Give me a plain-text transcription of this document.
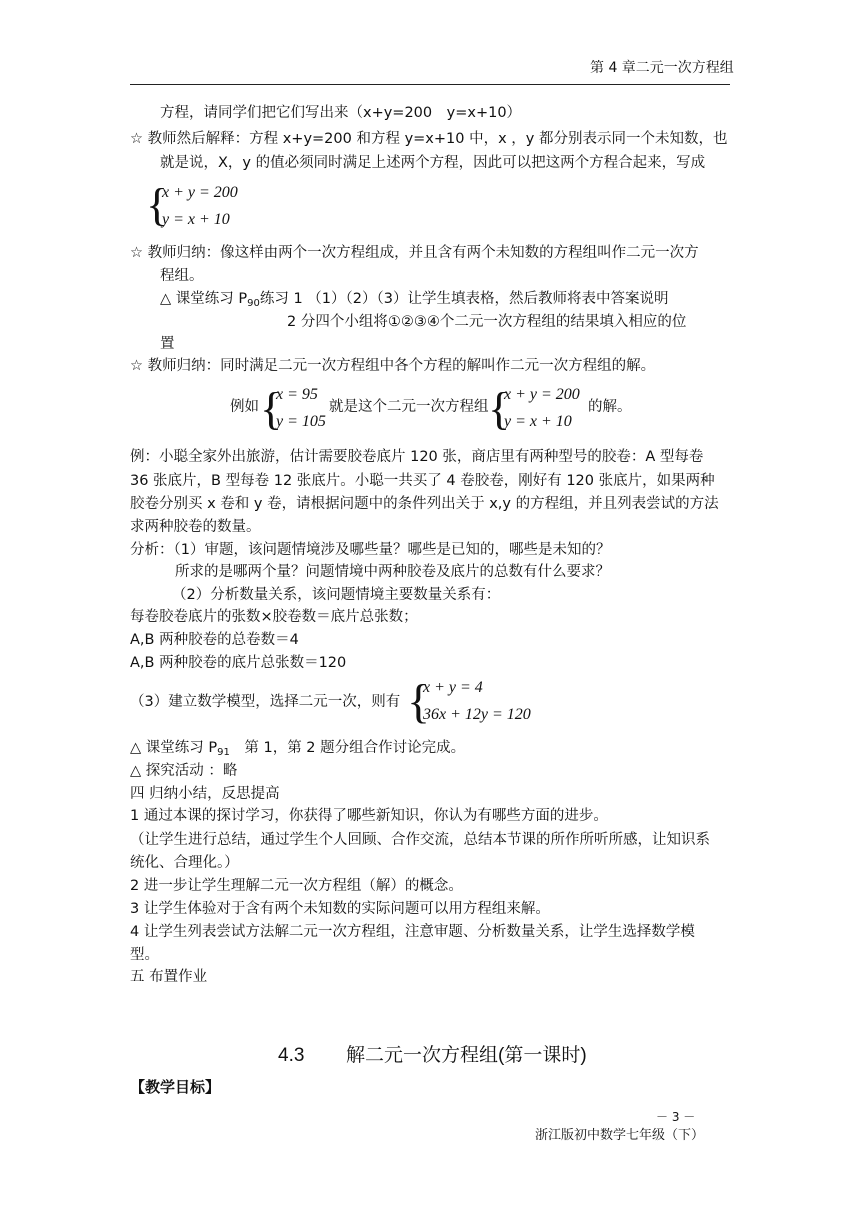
第 4 章二元一次方程组
方程，请同学们把它们写出来（x+y=200　y=x+10）
☆ 教师然后解释：方程 x+y=200 和方程 y=x+10 中，x ，y 都分别表示同一个未知数，也
就是说，X，y 的值必须同时满足上述两个方程，因此可以把这两个方程合起来，写成
{
x + y = 200
y = x + 10
☆ 教师归纳：像这样由两个一次方程组成，并且含有两个未知数的方程组叫作二元一次方
程组。
△ 课堂练习 $P_{90}$练习 1 （1）（2）（3）让学生填表格，然后教师将表中答案说明
2 分四个小组将①②③④个二元一次方程组的结果填入相应的位
置
☆ 教师归纳：同时满足二元一次方程组中各个方程的解叫作二元一次方程组的解。
例如 {
x = 95
y = 105
就是这个二元一次方程组 {
x + y = 200
y = x + 10
的解。
例：小聪全家外出旅游，估计需要胶卷底片 120 张，商店里有两种型号的胶卷：A 型每卷
36 张底片，B 型每卷 12 张底片。小聪一共买了 4 卷胶卷，刚好有 120 张底片，如果两种
胶卷分别买 x 卷和 y 卷，请根据问题中的条件列出关于 x,y 的方程组，并且列表尝试的方法
求两种胶卷的数量。
分析：（1）审题，该问题情境涉及哪些量？哪些是已知的，哪些是未知的？
所求的是哪两个量？问题情境中两种胶卷及底片的总数有什么要求？
（2）分析数量关系，该问题情境主要数量关系有：
每卷胶卷底片的张数×胶卷数＝底片总张数；
A,B 两种胶卷的总卷数＝4
A,B 两种胶卷的底片总张数＝120
（3）建立数学模型，选择二元一次，则有 {
x + y = 4
36x + 12y = 120
△ 课堂练习 $P_{91}$　第 1，第 2 题分组合作讨论完成。
△ 探究活动 ：略
四 归纳小结，反思提高
1 通过本课的探讨学习，你获得了哪些新知识，你认为有哪些方面的进步。
（让学生进行总结，通过学生个人回顾、合作交流，总结本节课的所作所听所感，让知识系
统化、合理化。）
2 进一步让学生理解二元一次方程组（解）的概念。
3 让学生体验对于含有两个未知数的实际问题可以用方程组来解。
4 让学生列表尝试方法解二元一次方程组，注意审题、分析数量关系，让学生选择数学模
型。
五 布置作业
4.3 解二元一次方程组(第一课时)
【教学目标】
－ 3 －
浙江版初中数学七年级（下）
